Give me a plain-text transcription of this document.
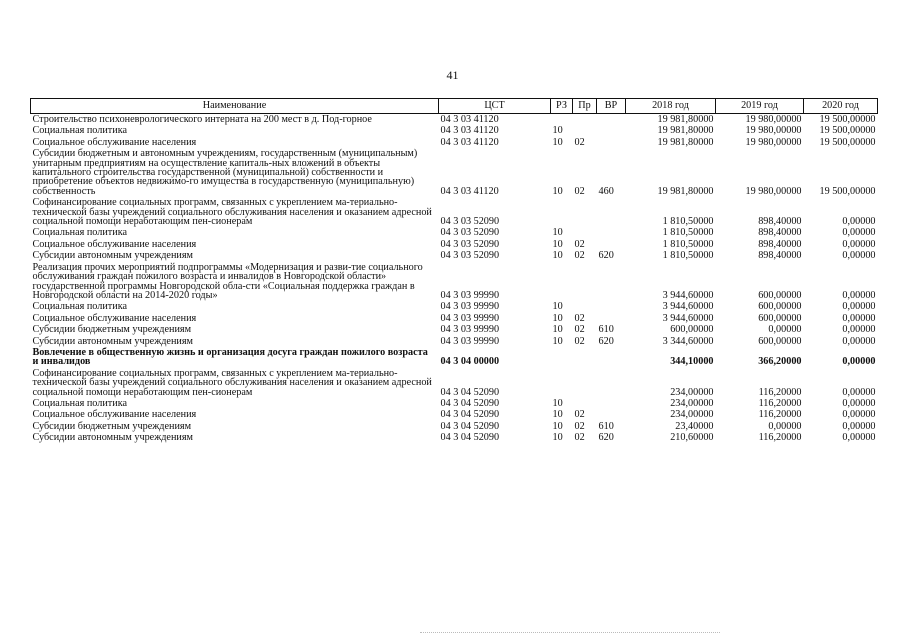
41
Наименование	ЦСТ	РЗ	Пр	ВР	2018 год	2019 год	2020 год
Строительство психоневрологического интерната на 200 мест в д. Под-горное	04 3 03 41120				19 981,80000	19 980,00000	19 500,00000
Социальная политика	04 3 03 41120	10			19 981,80000	19 980,00000	19 500,00000
Социальное обслуживание населения	04 3 03 41120	10	02		19 981,80000	19 980,00000	19 500,00000
Субсидии бюджетным и автономным учреждениям, государственным (муниципальным) унитарным предприятиям на осуществление капиталь-ных вложений в объекты капитального строительства государственной (муниципальной) собственности и приобретение объектов недвижимо-го имущества в государственную (муниципальную) собственность	04 3 03 41120	10	02	460	19 981,80000	19 980,00000	19 500,00000
Софинансирование социальных программ, связанных с укреплением ма-териально-технической базы учреждений социального обслуживания населения и оказанием адресной социальной помощи неработающим пен-сионерам	04 3 03 52090				1 810,50000	898,40000	0,00000
Социальная политика	04 3 03 52090	10			1 810,50000	898,40000	0,00000
Социальное обслуживание населения	04 3 03 52090	10	02		1 810,50000	898,40000	0,00000
Субсидии автономным учреждениям	04 3 03 52090	10	02	620	1 810,50000	898,40000	0,00000
Реализация прочих мероприятий подпрограммы «Модернизация и разви-тие социального обслуживания граждан пожилого возраста и инвалидов в Новгородской области» государственной программы Новгородской обла-сти «Социальная поддержка граждан в Новгородской области на 2014-2020 годы»	04 3 03 99990				3 944,60000	600,00000	0,00000
Социальная политика	04 3 03 99990	10			3 944,60000	600,00000	0,00000
Социальное обслуживание населения	04 3 03 99990	10	02		3 944,60000	600,00000	0,00000
Субсидии бюджетным учреждениям	04 3 03 99990	10	02	610	600,00000	0,00000	0,00000
Субсидии автономным учреждениям	04 3 03 99990	10	02	620	3 344,60000	600,00000	0,00000
Вовлечение в общественную жизнь и организация досуга граждан пожилого возраста и инвалидов	04 3 04 00000				344,10000	366,20000	0,00000
Софинансирование социальных программ, связанных с укреплением ма-териально-технической базы учреждений социального обслуживания населения и оказанием адресной социальной помощи неработающим пен-сионерам	04 3 04 52090				234,00000	116,20000	0,00000
Социальная политика	04 3 04 52090	10			234,00000	116,20000	0,00000
Социальное обслуживание населения	04 3 04 52090	10	02		234,00000	116,20000	0,00000
Субсидии бюджетным учреждениям	04 3 04 52090	10	02	610	23,40000	0,00000	0,00000
Субсидии автономным учреждениям	04 3 04 52090	10	02	620	210,60000	116,20000	0,00000
